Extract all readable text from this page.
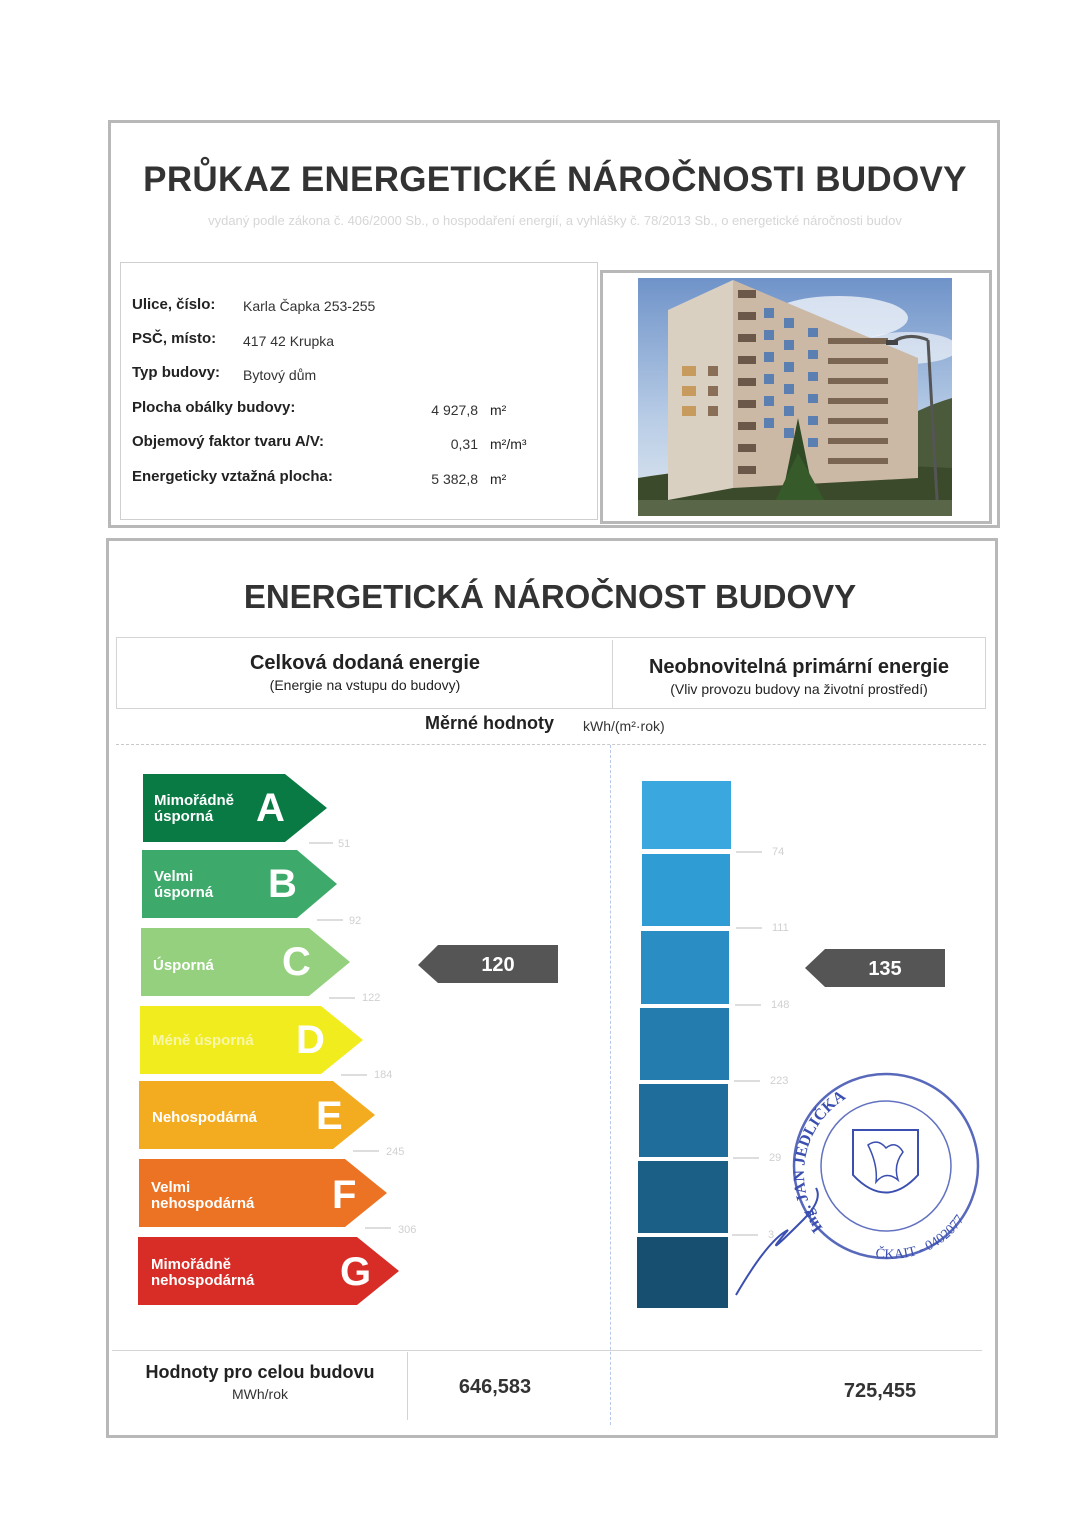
PRŮKAZ ENERGETICKÉ NÁROČNOSTI BUDOVY
vydaný podle zákona č. 406/2000 Sb., o hospodaření energií, a vyhlášky č. 78/2013 Sb., o energetické náročnosti budov
Ulice, číslo: Karla Čapka 253-255
PSČ, místo: 417 42 Krupka
Typ budovy: Bytový dům
Plocha obálky budovy:	4 927,8 m²
Objemový faktor tvaru A/V:	0,31 m²/m³
Energeticky vztažná plocha:	5 382,8 m²
ENERGETICKÁ NÁROČNOST BUDOVY
Celková dodaná energie
(Energie na vstupu do budovy)
Neobnovitelná primární energie
(Vliv provozu budovy na životní prostředí)
Měrné hodnoty kWh/(m²·rok)
Mimořádně
úsporná	A
51
Velmi
úsporná B
92
Úsporná C
122
Méně úsporná D
184
Nehospodárná E
245
Velmi
nehospodárná F
306
Mimořádně
nehospodárná G
120
74
111
148
223
29
3
135
Ing. JAN JEDLIČKA
ČKAIT - 0402077
Hodnoty pro celou budovu
MWh/rok	646,583	725,455
